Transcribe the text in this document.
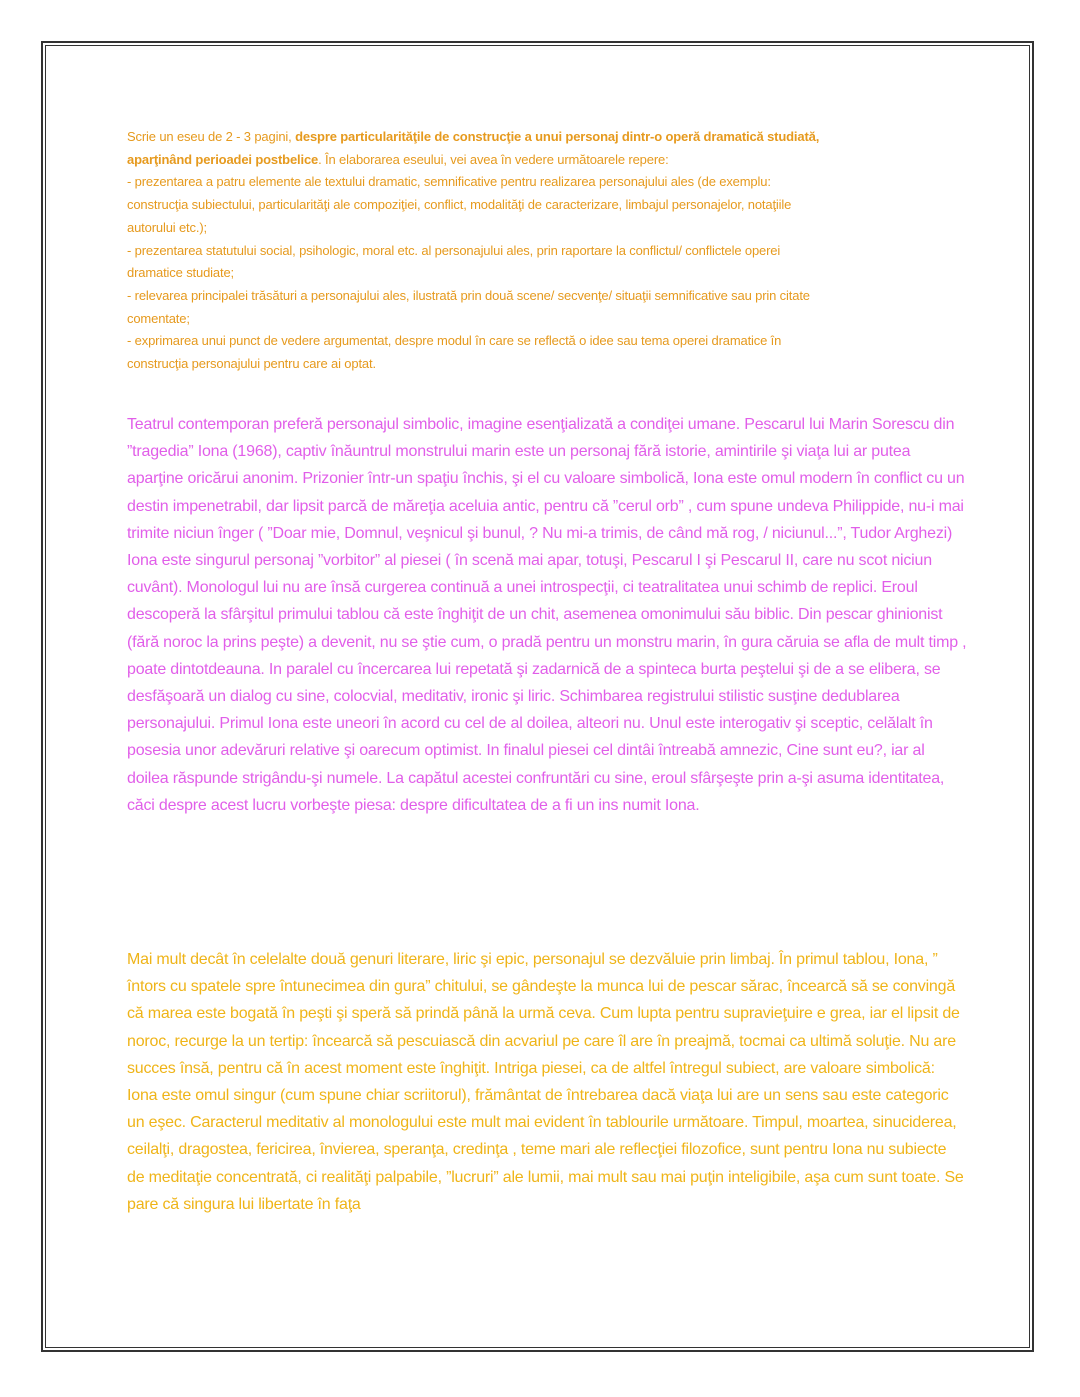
Scrie un eseu de 2 - 3 pagini, despre particularităţile de construcţie a unui personaj dintr-o operă dramatică studiată, aparţinând perioadei postbelice. În elaborarea eseului, vei avea în vedere următoarele repere:

- prezentarea a patru elemente ale textului dramatic, semnificative pentru realizarea personajului ales (de exemplu: construcţia subiectului, particularităţi ale compoziţiei, conflict, modalităţi de caracterizare, limbajul personajelor, notaţiile autorului etc.);

- prezentarea statutului social, psihologic, moral etc. al personajului ales, prin raportare la conflictul/ conflictele operei dramatice studiate;

- relevarea principalei trăsături a personajului ales, ilustrată prin două scene/ secvenţe/ situaţii semnificative sau prin citate comentate;

- exprimarea unui punct de vedere argumentat, despre modul în care se reflectă o idee sau tema operei dramatice în construcţia personajului pentru care ai optat.

Teatrul contemporan preferă personajul simbolic, imagine esenţializată a condiţei umane. Pescarul lui Marin Sorescu din ”tragedia” Iona (1968), captiv înăuntrul monstrului marin este un personaj fără istorie, amintirile şi viaţa lui ar putea aparţine oricărui anonim. Prizonier într-un spaţiu închis, şi el cu valoare simbolică, Iona este omul modern în conflict cu un destin impenetrabil, dar lipsit parcă de măreţia aceluia antic, pentru că ”cerul orb” , cum spune undeva Philippide, nu-i mai trimite niciun înger ( ”Doar mie, Domnul, veşnicul şi bunul, ? Nu mi-a trimis, de când mă rog, / niciunul...”, Tudor Arghezi) Iona este singurul personaj ”vorbitor” al piesei ( în scenă mai apar, totuşi, Pescarul I şi Pescarul II, care nu scot niciun cuvânt). Monologul lui nu are însă curgerea continuă a unei introspecţii, ci teatralitatea unui schimb de replici. Eroul descoperă la sfârşitul primului tablou că este înghiţit de un chit, asemenea omonimului său biblic. Din pescar ghinionist (fără noroc la prins peşte) a devenit, nu se ştie cum, o pradă pentru un monstru marin, în gura căruia se afla de mult timp , poate dintotdeauna. In paralel cu încercarea lui repetată şi zadarnică de a spinteca burta peştelui şi de a se elibera, se desfăşoară un dialog cu sine, colocvial, meditativ, ironic şi liric. Schimbarea registrului stilistic susţine dedublarea personajului. Primul Iona este uneori în acord cu cel de al doilea, alteori nu. Unul este interogativ şi sceptic, celălalt în posesia unor adevăruri relative şi oarecum optimist. In finalul piesei cel dintâi întreabă amnezic, Cine sunt eu?, iar al doilea răspunde strigându-şi numele. La capătul acestei confruntări cu sine, eroul sfârşeşte prin a-şi asuma identitatea, căci despre acest lucru vorbeşte piesa: despre dificultatea de a fi un ins numit Iona.

Mai mult decât în celelalte două genuri literare, liric şi epic, personajul se dezvăluie prin limbaj. În primul tablou, Iona, ” întors cu spatele spre întunecimea din gura” chitului, se gândeşte la munca lui de pescar sărac, încearcă să se convingă că marea este bogată în peşti şi speră să prindă până la urmă ceva. Cum lupta pentru supravieţuire e grea, iar el lipsit de noroc, recurge la un tertip: încearcă să pescuiască din acvariul pe care îl are în preajmă, tocmai ca ultimă soluţie. Nu are succes însă, pentru că în acest moment este înghiţit. Intriga piesei, ca de altfel întregul subiect, are valoare simbolică: Iona este omul singur (cum spune chiar scriitorul), frământat de întrebarea dacă viaţa lui are un sens sau este categoric un eşec. Caracterul meditativ al monologului este mult mai evident în tablourile următoare. Timpul, moartea, sinuciderea, ceilalţi, dragostea, fericirea, învierea, speranţa, credinţa , teme mari ale reflecţiei filozofice, sunt pentru Iona nu subiecte de meditaţie concentrată, ci realităţi palpabile, ”lucruri” ale lumii, mai mult sau mai puţin inteligibile, aşa cum sunt toate. Se pare că singura lui libertate în faţa
